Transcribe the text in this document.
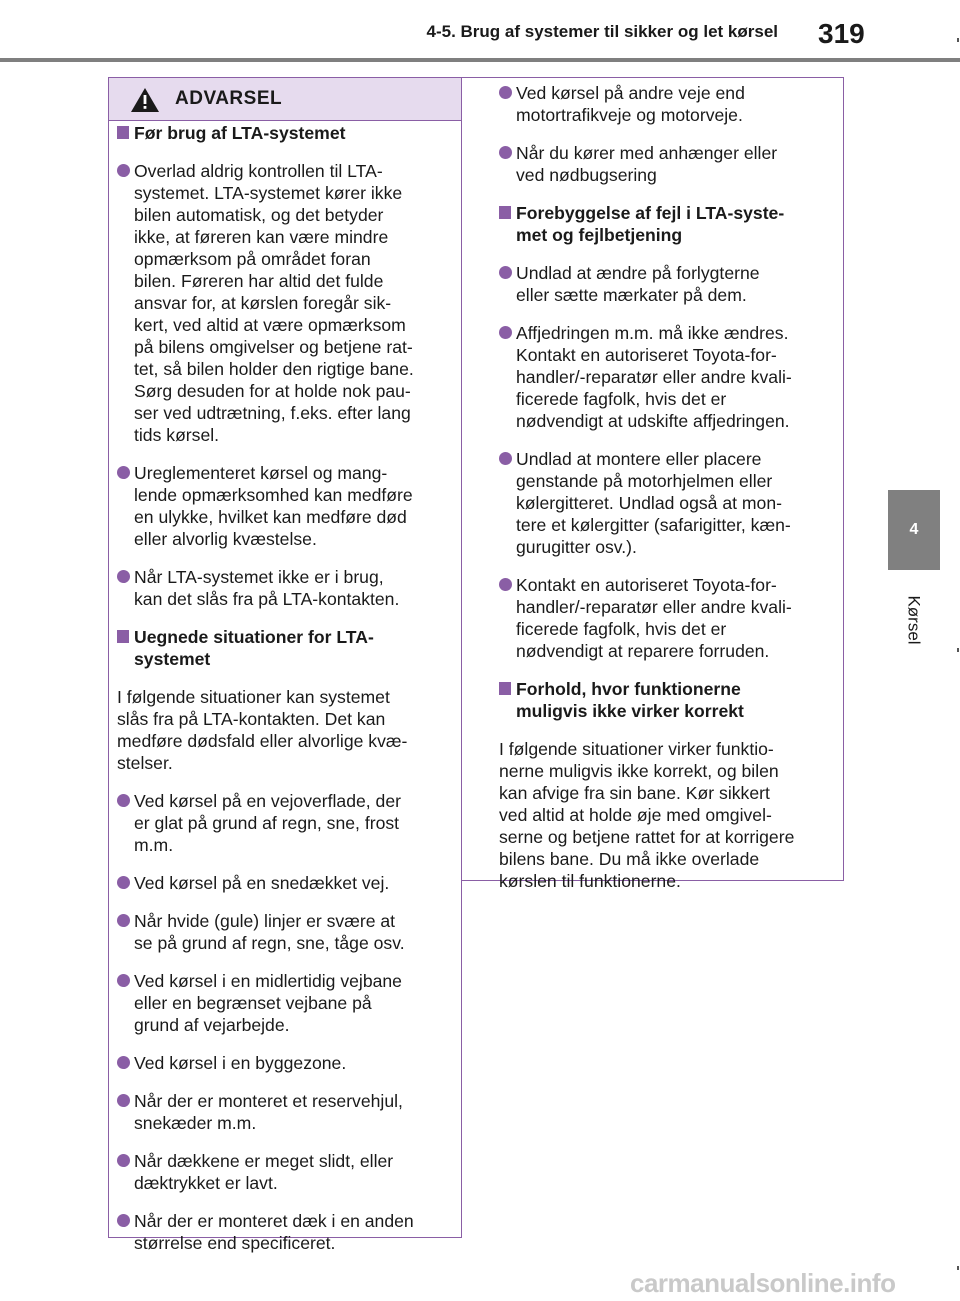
4-5. Brug af systemer til sikker og let kørsel 319
4
Kørsel
ADVARSEL
Før brug af LTA-systemet
Overlad aldrig kontrollen til LTA-
systemet. LTA-systemet kører ikke
bilen automatisk, og det betyder
ikke, at føreren kan være mindre
opmærksom på området foran
bilen. Føreren har altid det fulde
ansvar for, at kørslen foregår sik-
kert, ved altid at være opmærksom
på bilens omgivelser og betjene rat-
tet, så bilen holder den rigtige bane.
Sørg desuden for at holde nok pau-
ser ved udtrætning, f.eks. efter lang
tids kørsel.
Ureglementeret kørsel og mang-
lende opmærksomhed kan medføre
en ulykke, hvilket kan medføre død
eller alvorlig kvæstelse.
Når LTA-systemet ikke er i brug,
kan det slås fra på LTA-kontakten.
Uegnede situationer for LTA-
systemet
I følgende situationer kan systemet
slås fra på LTA-kontakten. Det kan
medføre dødsfald eller alvorlige kvæ-
stelser.
Ved kørsel på en vejoverflade, der
er glat på grund af regn, sne, frost
m.m.
Ved kørsel på en snedækket vej.
Når hvide (gule) linjer er svære at
se på grund af regn, sne, tåge osv.
Ved kørsel i en midlertidig vejbane
eller en begrænset vejbane på
grund af vejarbejde.
Ved kørsel i en byggezone.
Når der er monteret et reservehjul,
snekæder m.m.
Når dækkene er meget slidt, eller
dæktrykket er lavt.
Når der er monteret dæk i en anden
størrelse end specificeret.
Ved kørsel på andre veje end
motortrafikveje og motorveje.
Når du kører med anhænger eller
ved nødbugsering
Forebyggelse af fejl i LTA-syste-
met og fejlbetjening
Undlad at ændre på forlygterne
eller sætte mærkater på dem.
Affjedringen m.m. må ikke ændres.
Kontakt en autoriseret Toyota-for-
handler/-reparatør eller andre kvali-
ficerede fagfolk, hvis det er
nødvendigt at udskifte affjedringen.
Undlad at montere eller placere
genstande på motorhjelmen eller
kølergitteret. Undlad også at mon-
tere et kølergitter (safarigitter, kæn-
gurugitter osv.).
Kontakt en autoriseret Toyota-for-
handler/-reparatør eller andre kvali-
ficerede fagfolk, hvis det er
nødvendigt at reparere forruden.
Forhold, hvor funktionerne
muligvis ikke virker korrekt
I følgende situationer virker funktio-
nerne muligvis ikke korrekt, og bilen
kan afvige fra sin bane. Kør sikkert
ved altid at holde øje med omgivel-
serne og betjene rattet for at korrigere
bilens bane. Du må ikke overlade
kørslen til funktionerne.
carmanualsonline.info
